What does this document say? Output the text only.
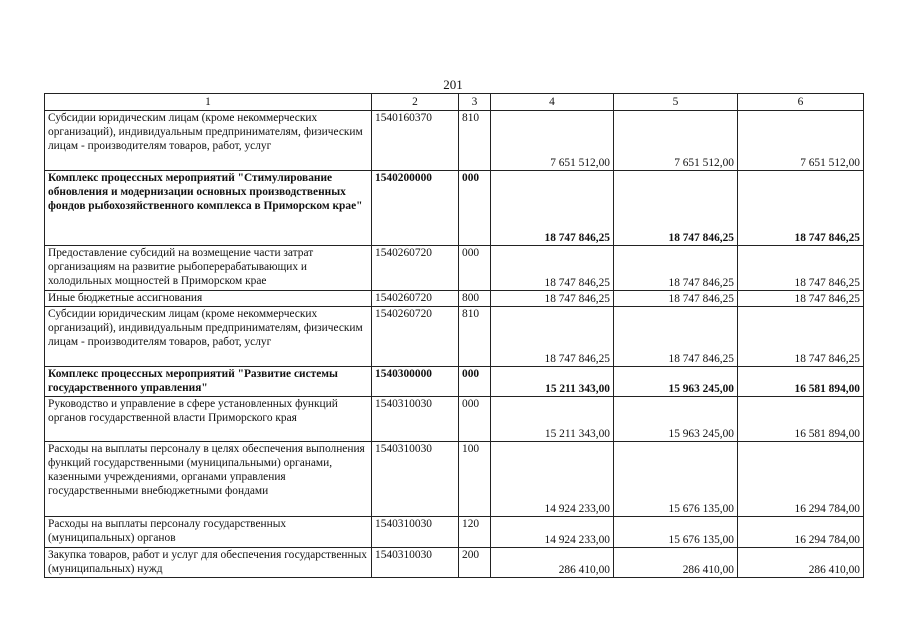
201
1	2	3	4	5	6
Субсидии юридическим лицам (кроме некоммерческих организаций), индивидуальным предпринимателям, физическим лицам - производителям товаров, работ, услуг	1540160370	810	7 651 512,00	7 651 512,00	7 651 512,00
Комплекс процессных мероприятий "Стимулирование обновления и модернизации основных производственных фондов рыбохозяйственного комплекса в Приморском крае"	1540200000	000	18 747 846,25	18 747 846,25	18 747 846,25
Предоставление субсидий на возмещение части затрат организациям на развитие рыбоперерабатывающих и холодильных мощностей в Приморском крае	1540260720	000	18 747 846,25	18 747 846,25	18 747 846,25
Иные бюджетные ассигнования	1540260720	800	18 747 846,25	18 747 846,25	18 747 846,25
Субсидии юридическим лицам (кроме некоммерческих организаций), индивидуальным предпринимателям, физическим лицам - производителям товаров, работ, услуг	1540260720	810	18 747 846,25	18 747 846,25	18 747 846,25
Комплекс процессных мероприятий "Развитие системы государственного управления"	1540300000	000	15 211 343,00	15 963 245,00	16 581 894,00
Руководство и управление в сфере установленных функций органов государственной власти Приморского края	1540310030	000	15 211 343,00	15 963 245,00	16 581 894,00
Расходы на выплаты персоналу в целях обеспечения выполнения функций государственными (муниципальными) органами, казенными учреждениями, органами управления государственными внебюджетными фондами	1540310030	100	14 924 233,00	15 676 135,00	16 294 784,00
Расходы на выплаты персоналу государственных (муниципальных) органов	1540310030	120	14 924 233,00	15 676 135,00	16 294 784,00
Закупка товаров, работ и услуг для обеспечения государственных (муниципальных) нужд	1540310030	200	286 410,00	286 410,00	286 410,00
